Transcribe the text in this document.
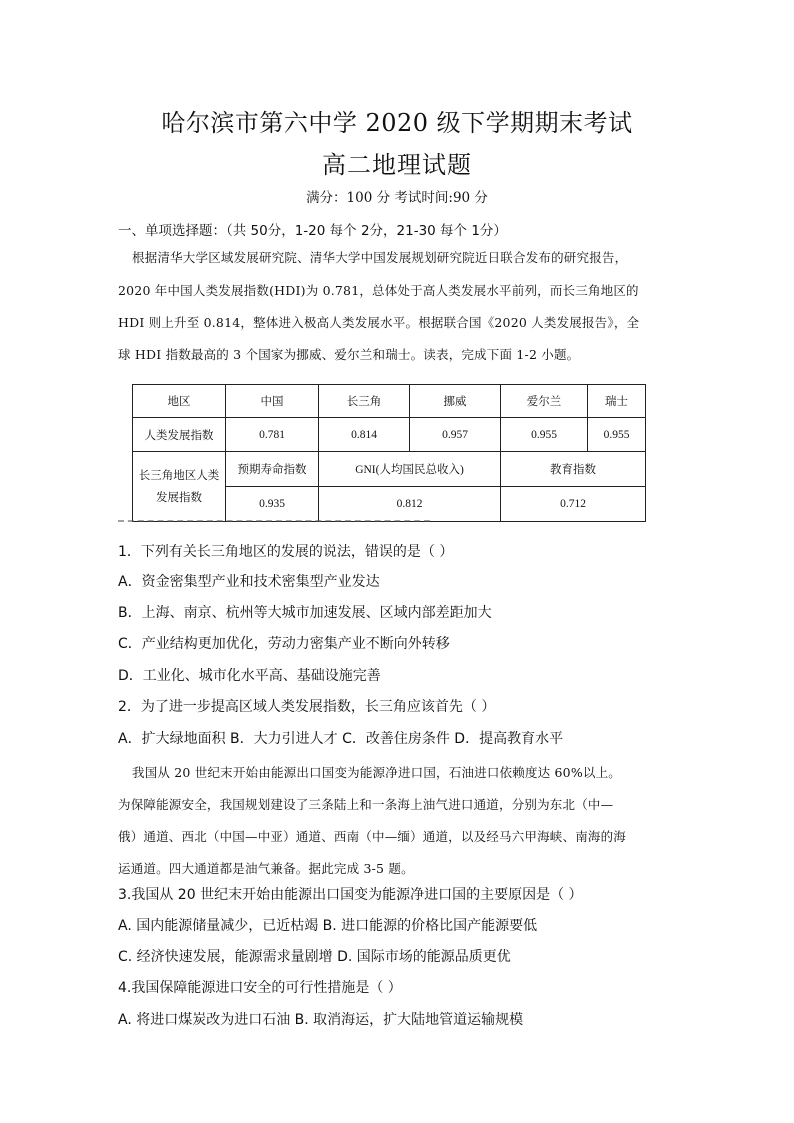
哈尔滨市第六中学 2020 级下学期期末考试
高二地理试题
满分：100 分 考试时间:90 分
一、单项选择题：（共 50分，1-20 每个 2分，21-30 每个 1分）
根据清华大学区域发展研究院、清华大学中国发展规划研究院近日联合发布的研究报告，
2020 年中国人类发展指数(HDI)为 0.781，总体处于高人类发展水平前列，而长三角地区的
HDI 则上升至 0.814，整体进入极高人类发展水平。根据联合国《2020 人类发展报告》，全
球 HDI 指数最高的 3 个国家为挪威、爱尔兰和瑞士。读表，完成下面 1-2 小题。
地区	中国	长三角	挪威	爱尔兰	瑞士
人类发展指数	0.781	0.814	0.957	0.955	0.955
长三角地区人类发展指数	预期寿命指数	GNI(人均国民总收入)		教育指数	
	0.935	0.812		0.712	
1．下列有关长三角地区的发展的说法，错误的是（ ）
A．资金密集型产业和技术密集型产业发达
B．上海、南京、杭州等大城市加速发展、区域内部差距加大
C．产业结构更加优化，劳动力密集产业不断向外转移
D．工业化、城市化水平高、基础设施完善
2．为了进一步提高区域人类发展指数，长三角应该首先（ ）
A．扩大绿地面积 B．大力引进人才 C．改善住房条件 D．提高教育水平
我国从 20 世纪末开始由能源出口国变为能源净进口国，石油进口依赖度达 60%以上。
为保障能源安全，我国规划建设了三条陆上和一条海上油气进口通道，分别为东北（中—
俄）通道、西北（中国—中亚）通道、西南（中—缅）通道，以及经马六甲海峡、南海的海
运通道。四大通道都是油气兼备。据此完成 3-5 题。
3.我国从 20 世纪末开始由能源出口国变为能源净进口国的主要原因是（ ）
A. 国内能源储量减少，已近枯竭 B. 进口能源的价格比国产能源要低
C. 经济快速发展，能源需求量剧增 D. 国际市场的能源品质更优
4.我国保障能源进口安全的可行性措施是（ ）
A. 将进口煤炭改为进口石油 B. 取消海运，扩大陆地管道运输规模
